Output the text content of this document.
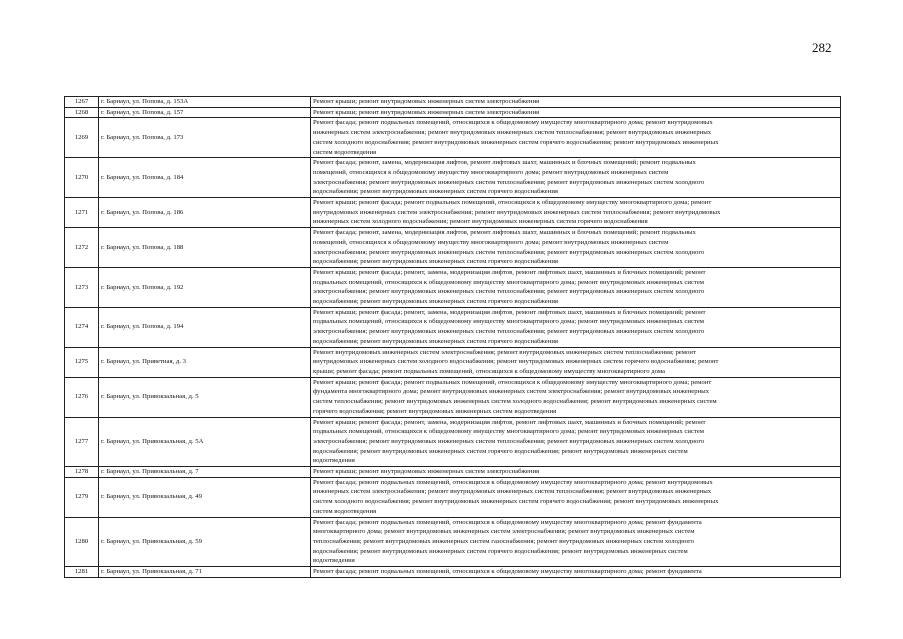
282
1267	г. Барнаул, ул. Попова, д. 153А	Ремонт крыши; ремонт внутридомовых инженерных систем электроснабжения

1268	г. Барнаул, ул. Попова, д. 157	Ремонт крыши; ремонт внутридомовых инженерных систем электроснабжения

1269	г. Барнаул, ул. Попова, д. 173	Ремонт фасада; ремонт подвальных помещений, относящихся к общедомовому имуществу многоквартирного дома; ремонт внутридомовых
инженерных систем электроснабжения; ремонт внутридомовых инженерных систем теплоснабжения; ремонт внутридомовых инженерных
систем холодного водоснабжения; ремонт внутридомовых инженерных систем горячего водоснабжения; ремонт внутридомовых инженерных
систем водоотведения

1270	г. Барнаул, ул. Попова, д. 184	Ремонт фасада; ремонт, замена, модернизация лифтов, ремонт лифтовых шахт, машинных и блочных помещений; ремонт подвальных
помещений, относящихся к общедомовому имуществу многоквартирного дома; ремонт внутридомовых инженерных систем
электроснабжения; ремонт внутридомовых инженерных систем теплоснабжения; ремонт внутридомовых инженерных систем холодного
водоснабжения; ремонт внутридомовых инженерных систем горячего водоснабжения

1271	г. Барнаул, ул. Попова, д. 186	Ремонт крыши; ремонт фасада; ремонт подвальных помещений, относящихся к общедомовому имуществу многоквартирного дома; ремонт
внутридомовых инженерных систем электроснабжения; ремонт внутридомовых инженерных систем теплоснабжения; ремонт внутридомовых
инженерных систем холодного водоснабжения; ремонт внутридомовых инженерных систем горячего водоснабжения

1272	г. Барнаул, ул. Попова, д. 188	Ремонт фасада; ремонт, замена, модернизация лифтов, ремонт лифтовых шахт, машинных и блочных помещений; ремонт подвальных
помещений, относящихся к общедомовому имуществу многоквартирного дома; ремонт внутридомовых инженерных систем
электроснабжения; ремонт внутридомовых инженерных систем теплоснабжения; ремонт внутридомовых инженерных систем холодного
водоснабжения; ремонт внутридомовых инженерных систем горячего водоснабжения

1273	г. Барнаул, ул. Попова, д. 192	Ремонт крыши; ремонт фасада; ремонт, замена, модернизация лифтов, ремонт лифтовых шахт, машинных и блочных помещений; ремонт
подвальных помещений, относящихся к общедомовому имуществу многоквартирного дома; ремонт внутридомовых инженерных систем
электроснабжения; ремонт внутридомовых инженерных систем теплоснабжения; ремонт внутридомовых инженерных систем холодного
водоснабжения; ремонт внутридомовых инженерных систем горячего водоснабжения

1274	г. Барнаул, ул. Попова, д. 194	Ремонт крыши; ремонт фасада; ремонт, замена, модернизация лифтов, ремонт лифтовых шахт, машинных и блочных помещений; ремонт
подвальных помещений, относящихся к общедомовому имуществу многоквартирного дома; ремонт внутридомовых инженерных систем
электроснабжения; ремонт внутридомовых инженерных систем теплоснабжения; ремонт внутридомовых инженерных систем холодного
водоснабжения; ремонт внутридомовых инженерных систем горячего водоснабжения

1275	г. Барнаул, ул. Приветная, д. 3	Ремонт внутридомовых инженерных систем электроснабжения; ремонт внутридомовых инженерных систем теплоснабжения; ремонт
внутридомовых инженерных систем холодного водоснабжения; ремонт внутридомовых инженерных систем горячего водоснабжения; ремонт
крыши; ремонт фасада; ремонт подвальных помещений, относящихся к общедомовому имуществу многоквартирного дома

1276	г. Барнаул, ул. Привокзальная, д. 5	Ремонт крыши; ремонт фасада; ремонт подвальных помещений, относящихся к общедомовому имуществу многоквартирного дома; ремонт
фундамента многоквартирного дома; ремонт внутридомовых инженерных систем электроснабжения; ремонт внутридомовых инженерных
систем теплоснабжения; ремонт внутридомовых инженерных систем холодного водоснабжения; ремонт внутридомовых инженерных систем
горячего водоснабжения; ремонт внутридомовых инженерных систем водоотведения

1277	г. Барнаул, ул. Привокзальная, д. 5А	Ремонт крыши; ремонт фасада; ремонт, замена, модернизация лифтов, ремонт лифтовых шахт, машинных и блочных помещений; ремонт
подвальных помещений, относящихся к общедомовому имуществу многоквартирного дома; ремонт внутридомовых инженерных систем
электроснабжения; ремонт внутридомовых инженерных систем теплоснабжения; ремонт внутридомовых инженерных систем холодного
водоснабжения; ремонт внутридомовых инженерных систем горячего водоснабжения; ремонт внутридомовых инженерных систем
водоотведения

1278	г. Барнаул, ул. Привокзальная, д. 7	Ремонт крыши; ремонт внутридомовых инженерных систем электроснабжения

1279	г. Барнаул, ул. Привокзальная, д. 49	Ремонт фасада; ремонт подвальных помещений, относящихся к общедомовому имуществу многоквартирного дома; ремонт внутридомовых
инженерных систем электроснабжения; ремонт внутридомовых инженерных систем теплоснабжения; ремонт внутридомовых инженерных
систем холодного водоснабжения; ремонт внутридомовых инженерных систем горячего водоснабжения; ремонт внутридомовых инженерных
систем водоотведения

1280	г. Барнаул, ул. Привокзальная, д. 59	Ремонт фасада; ремонт подвальных помещений, относящихся к общедомовому имуществу многоквартирного дома; ремонт фундамента
многоквартирного дома; ремонт внутридомовых инженерных систем электроснабжения; ремонт внутридомовых инженерных систем
теплоснабжения; ремонт внутридомовых инженерных систем газоснабжения; ремонт внутридомовых инженерных систем холодного
водоснабжения; ремонт внутридомовых инженерных систем горячего водоснабжения; ремонт внутридомовых инженерных систем
водоотведения

1281	г. Барнаул, ул. Привокзальная, д. 71	Ремонт фасада; ремонт подвальных помещений, относящихся к общедомовому имуществу многоквартирного дома; ремонт фундамента
